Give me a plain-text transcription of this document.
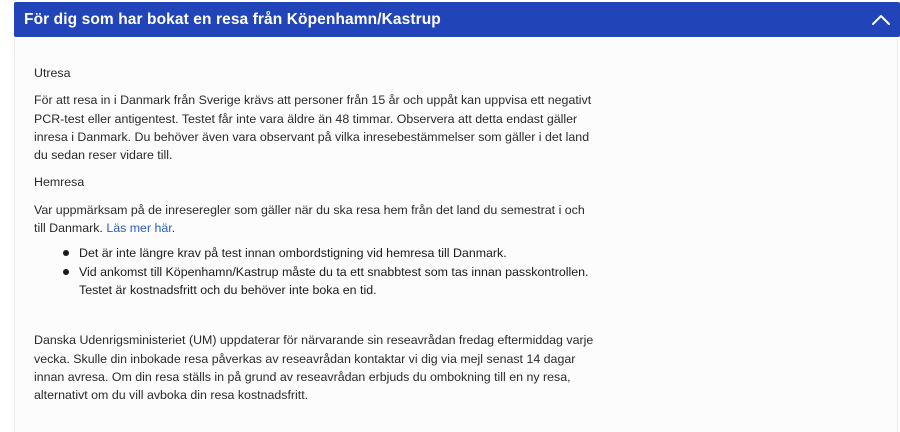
För dig som har bokat en resa från Köpenhamn/Kastrup

Utresa

För att resa in i Danmark från Sverige krävs att personer från 15 år och uppåt kan uppvisa ett negativt PCR-test eller antigentest. Testet får inte vara äldre än 48 timmar. Observera att detta endast gäller inresa i Danmark. Du behöver även vara observant på vilka inresebestämmelser som gäller i det land du sedan reser vidare till.

Hemresa

Var uppmärksam på de inreseregler som gäller när du ska resa hem från det land du semestrat i och till Danmark. Läs mer här.

Det är inte längre krav på test innan ombordstigning vid hemresa till Danmark.
Vid ankomst till Köpenhamn/Kastrup måste du ta ett snabbtest som tas innan passkontrollen. Testet är kostnadsfritt och du behöver inte boka en tid.

Danska Udenrigsministeriet (UM) uppdaterar för närvarande sin reseavrådan fredag eftermiddag varje vecka. Skulle din inbokade resa påverkas av reseavrådan kontaktar vi dig via mejl senast 14 dagar innan avresa. Om din resa ställs in på grund av reseavrådan erbjuds du ombokning till en ny resa, alternativt om du vill avboka din resa kostnadsfritt.
